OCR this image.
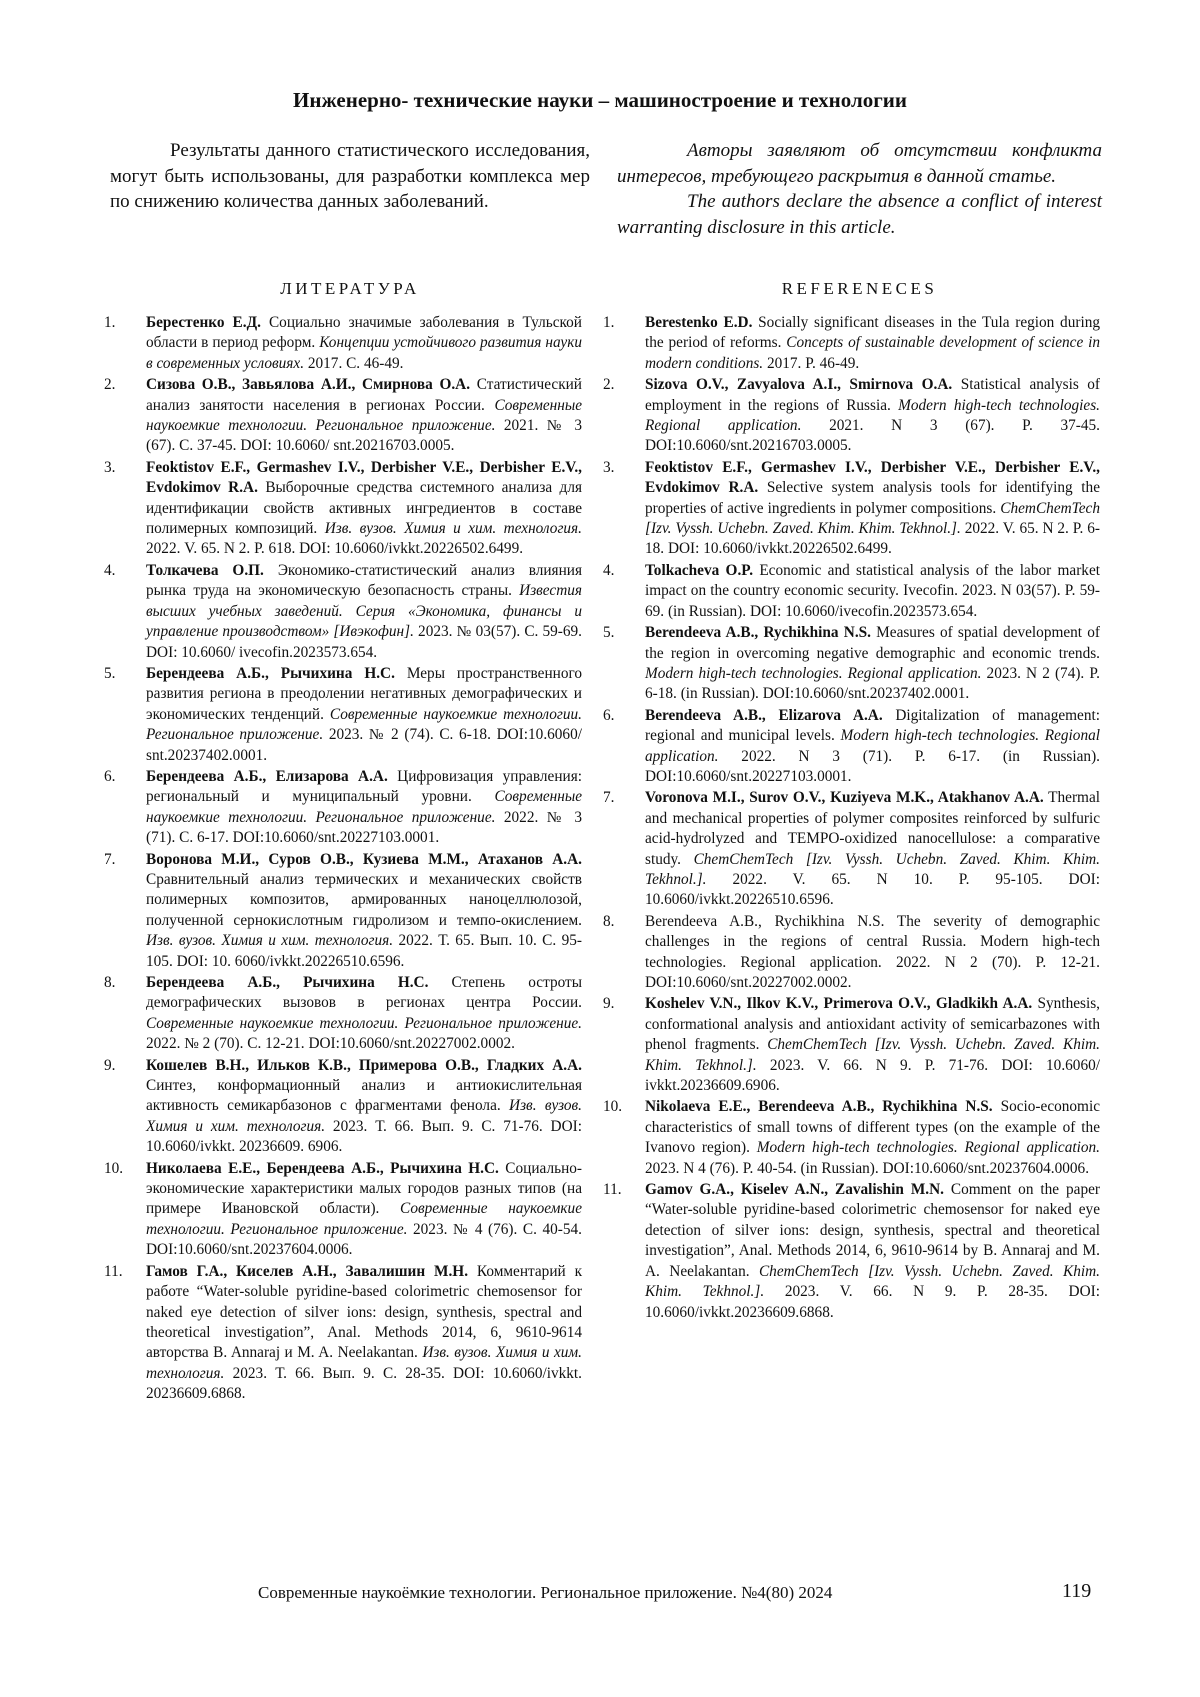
Инженерно- технические науки – машиностроение и технологии
Результаты данного статистического исследования, могут быть использованы, для разработки комплекса мер по снижению количества данных заболеваний.

Авторы заявляют об отсутствии конфликта интересов, требующего раскрытия в данной статье.

The authors declare the absence a conflict of interest warranting disclosure in this article.

ЛИТЕРАТУРА	REFERENECES
1. Берестенко Е.Д. Социально значимые заболевания в Тульской области в период реформ. Концепции устойчивого развития науки в современных условиях. 2017. С. 46-49.
2. Сизова О.В., Завьялова А.И., Смирнова О.А. Статистический анализ занятости населения в регионах России. Современные наукоемкие технологии. Региональное приложение. 2021. № 3 (67). С. 37-45. DOI: 10.6060/ snt.20216703.0005.
3. Feoktistov E.F., Germashev I.V., Derbisher V.E., Derbisher E.V., Evdokimov R.A. Выборочные средства системного анализа для идентификации свойств активных ингредиентов в составе полимерных композиций. Изв. вузов. Химия и хим. технология. 2022. V. 65. N 2. P. 618. DOI: 10.6060/ivkkt.20226502.6499.
4. Толкачева О.П. Экономико-статистический анализ влияния рынка труда на экономическую безопасность страны. Известия высших учебных заведений. Серия «Экономика, финансы и управление производством» [Ивэкофин]. 2023. № 03(57). С. 59-69. DOI: 10.6060/ ivecofin.2023573.654.
5. Берендеева А.Б., Рычихина Н.С. Меры пространственного развития региона в преодолении негативных демографических и экономических тенденций. Современные наукоемкие технологии. Региональное приложение. 2023. № 2 (74). С. 6-18. DOI:10.6060/ snt.20237402.0001.
6. Берендеева А.Б., Елизарова А.А. Цифровизация управления: региональный и муниципальный уровни. Современные наукоемкие технологии. Региональное приложение. 2022. № 3 (71). С. 6-17. DOI:10.6060/snt.20227103.0001.
7. Воронова М.И., Суров О.В., Кузиева М.М., Атаханов А.А. Сравнительный анализ термических и механических свойств полимерных композитов, армированных наноцеллюлозой, полученной сернокислотным гидролизом и темпо-окислением. Изв. вузов. Химия и хим. технология. 2022. Т. 65. Вып. 10. С. 95-105. DOI: 10. 6060/ivkkt.20226510.6596.
8. Берендеева А.Б., Рычихина Н.С. Степень остроты демографических вызовов в регионах центра России. Современные наукоемкие технологии. Региональное приложение. 2022. № 2 (70). С. 12-21. DOI:10.6060/snt.20227002.0002.
9. Кошелев В.Н., Ильков К.В., Примерова О.В., Гладких А.А. Синтез, конформационный анализ и антиокислительная активность семикарбазонов с фрагментами фенола. Изв. вузов. Химия и хим. технология. 2023. Т. 66. Вып. 9. С. 71-76. DOI: 10.6060/ivkkt. 20236609. 6906.
10. Николаева Е.Е., Берендеева А.Б., Рычихина Н.С. Социально-экономические характеристики малых городов разных типов (на примере Ивановской области). Современные наукоемкие технологии. Региональное приложение. 2023. № 4 (76). С. 40-54. DOI:10.6060/snt.20237604.0006.
11. Гамов Г.А., Киселев А.Н., Завалишин М.Н. Комментарий к работе “Water-soluble pyridine-based colorimetric chemosensor for naked eye detection of silver ions: design, synthesis, spectral and theoretical investigation”, Anal. Methods 2014, 6, 9610-9614 авторства B. Annaraj и M. A. Neelakantan. Изв. вузов. Химия и хим. технология. 2023. Т. 66. Вып. 9. С. 28-35. DOI: 10.6060/ivkkt. 20236609.6868.
1. Berestenko E.D. Socially significant diseases in the Tula region during the period of reforms. Concepts of sustainable development of science in modern conditions. 2017. P. 46-49.
2. Sizova O.V., Zavyalova A.I., Smirnova O.A. Statistical analysis of employment in the regions of Russia. Modern high-tech technologies. Regional application. 2021. N 3 (67). P. 37-45. DOI:10.6060/snt.20216703.0005.
3. Feoktistov E.F., Germashev I.V., Derbisher V.E., Derbisher E.V., Evdokimov R.A. Selective system analysis tools for identifying the properties of active ingredients in polymer compositions. ChemChemTech [Izv. Vyssh. Uchebn. Zaved. Khim. Khim. Tekhnol.]. 2022. V. 65. N 2. P. 6-18. DOI: 10.6060/ivkkt.20226502.6499.
4. Tolkacheva O.P. Economic and statistical analysis of the labor market impact on the country economic security. Ivecofin. 2023. N 03(57). P. 59-69. (in Russian). DOI: 10.6060/ivecofin.2023573.654.
5. Berendeeva A.B., Rychikhina N.S. Measures of spatial development of the region in overcoming negative demographic and economic trends. Modern high-tech technologies. Regional application. 2023. N 2 (74). P. 6-18. (in Russian). DOI:10.6060/snt.20237402.0001.
6. Berendeeva A.B., Elizarova A.A. Digitalization of management: regional and municipal levels. Modern high-tech technologies. Regional application. 2022. N 3 (71). P. 6-17. (in Russian). DOI:10.6060/snt.20227103.0001.
7. Voronova M.I., Surov O.V., Kuziyeva M.K., Atakhanov A.A. Thermal and mechanical properties of polymer composites reinforced by sulfuric acid-hydrolyzed and TEMPO-oxidized nanocellulose: a comparative study. ChemChemTech [Izv. Vyssh. Uchebn. Zaved. Khim. Khim. Tekhnol.]. 2022. V. 65. N 10. P. 95-105. DOI: 10.6060/ivkkt.20226510.6596.
8. Berendeeva A.B., Rychikhina N.S. The severity of demographic challenges in the regions of central Russia. Modern high-tech technologies. Regional application. 2022. N 2 (70). P. 12-21. DOI:10.6060/snt.20227002.0002.
9. Koshelev V.N., Ilkov K.V., Primerova O.V., Gladkikh A.A. Synthesis, conformational analysis and antioxidant activity of semicarbazones with phenol fragments. ChemChemTech [Izv. Vyssh. Uchebn. Zaved. Khim. Khim. Tekhnol.]. 2023. V. 66. N 9. P. 71-76. DOI: 10.6060/ ivkkt.20236609.6906.
10. Nikolaeva E.E., Berendeeva A.B., Rychikhina N.S. Socio-economic characteristics of small towns of different types (on the example of the Ivanovo region). Modern high-tech technologies. Regional application. 2023. N 4 (76). P. 40-54. (in Russian). DOI:10.6060/snt.20237604.0006.
11. Gamov G.A., Kiselev A.N., Zavalishin M.N. Comment on the paper “Water-soluble pyridine-based colorimetric chemosensor for naked eye detection of silver ions: design, synthesis, spectral and theoretical investigation”, Anal. Methods 2014, 6, 9610-9614 by B. Annaraj and M. A. Neelakantan. ChemChemTech [Izv. Vyssh. Uchebn. Zaved. Khim. Khim. Tekhnol.]. 2023. V. 66. N 9. P. 28-35. DOI: 10.6060/ivkkt.20236609.6868.
Современные наукоёмкие технологии. Региональное приложение. №4(80) 2024	119
